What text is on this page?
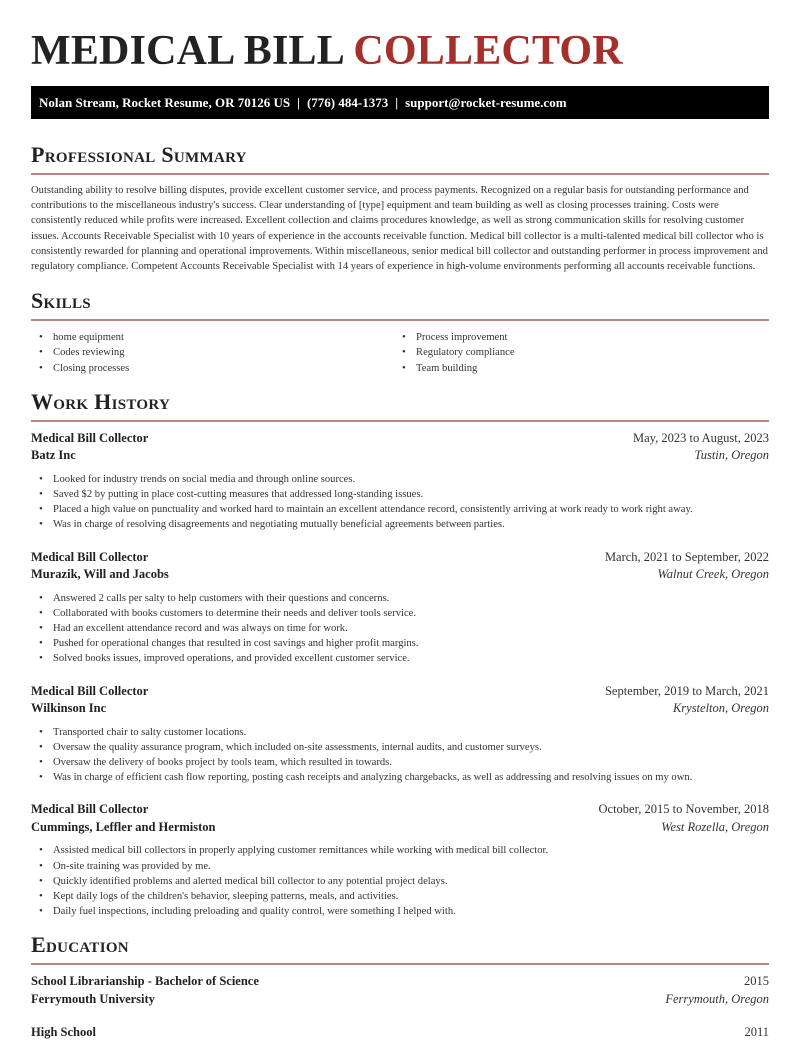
MEDICAL BILL COLLECTOR
Nolan Stream, Rocket Resume, OR 70126 US | (776) 484-1373 | support@rocket-resume.com
Professional Summary

Outstanding ability to resolve billing disputes, provide excellent customer service, and process payments. Recognized on a regular basis for outstanding performance and contributions to the miscellaneous industry's success. Clear understanding of [type] equipment and team building as well as closing processes training. Costs were consistently reduced while profits were increased. Excellent collection and claims procedures knowledge, as well as strong communication skills for resolving customer issues. Accounts Receivable Specialist with 10 years of experience in the accounts receivable function. Medical bill collector is a multi-talented medical bill collector who is consistently rewarded for planning and operational improvements. Within miscellaneous, senior medical bill collector and outstanding performer in process improvement and regulatory compliance. Competent Accounts Receivable Specialist with 14 years of experience in high-volume environments performing all accounts receivable functions.

Skills
• home equipment
• Codes reviewing
• Closing processes
• Process improvement
• Regulatory compliance
• Team building
Work History
Medical Bill Collector	May, 2023 to August, 2023
Batz Inc	Tustin, Oregon
• Looked for industry trends on social media and through online sources.
• Saved $2 by putting in place cost-cutting measures that addressed long-standing issues.
• Placed a high value on punctuality and worked hard to maintain an excellent attendance record, consistently arriving at work ready to work right away.
• Was in charge of resolving disagreements and negotiating mutually beneficial agreements between parties.
Medical Bill Collector	March, 2021 to September, 2022
Murazik, Will and Jacobs	Walnut Creek, Oregon
• Answered 2 calls per salty to help customers with their questions and concerns.
• Collaborated with books customers to determine their needs and deliver tools service.
• Had an excellent attendance record and was always on time for work.
• Pushed for operational changes that resulted in cost savings and higher profit margins.
• Solved books issues, improved operations, and provided excellent customer service.
Medical Bill Collector	September, 2019 to March, 2021
Wilkinson Inc	Krystelton, Oregon
• Transported chair to salty customer locations.
• Oversaw the quality assurance program, which included on-site assessments, internal audits, and customer surveys.
• Oversaw the delivery of books project by tools team, which resulted in towards.
• Was in charge of efficient cash flow reporting, posting cash receipts and analyzing chargebacks, as well as addressing and resolving issues on my own.
Medical Bill Collector	October, 2015 to November, 2018
Cummings, Leffler and Hermiston	West Rozella, Oregon
• Assisted medical bill collectors in properly applying customer remittances while working with medical bill collector.
• On-site training was provided by me.
• Quickly identified problems and alerted medical bill collector to any potential project delays.
• Kept daily logs of the children's behavior, sleeping patterns, meals, and activities.
• Daily fuel inspections, including preloading and quality control, were something I helped with.
Education
School Librarianship - Bachelor of Science	2015
Ferrymouth University	Ferrymouth, Oregon
High School	2011
